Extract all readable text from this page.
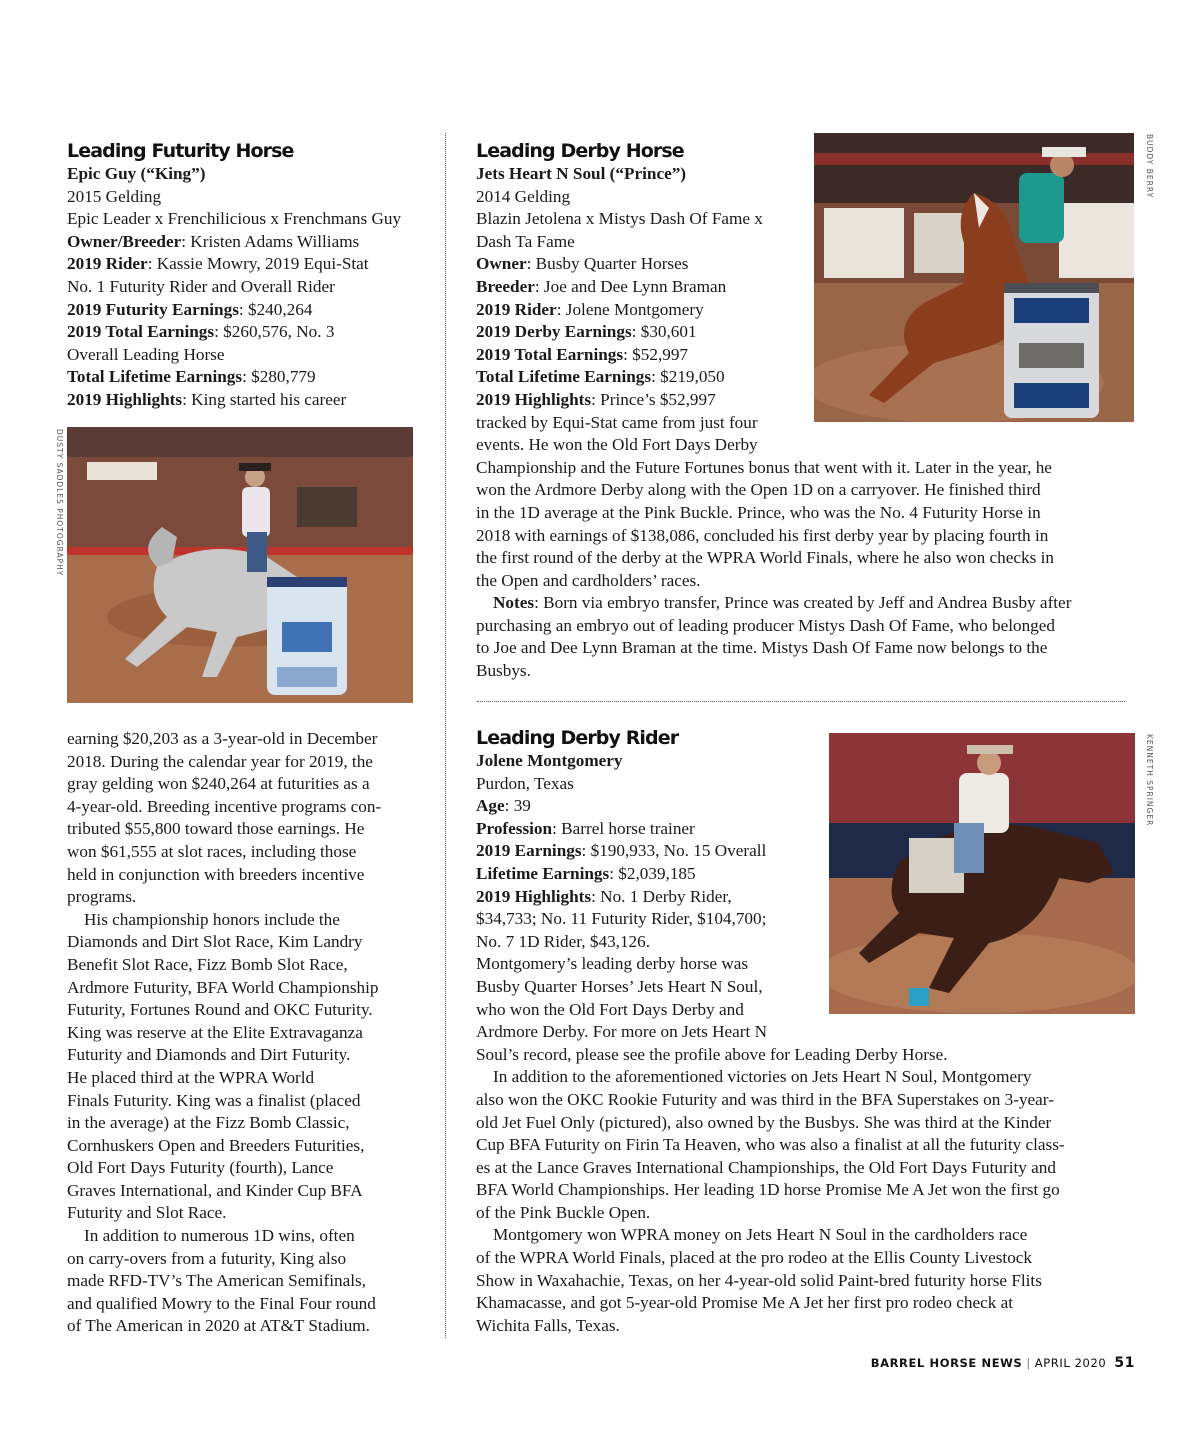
Leading Futurity Horse
Epic Guy (“King”)
2015 Gelding
Epic Leader x Frenchilicious x Frenchmans Guy
Owner/Breeder: Kristen Adams Williams
2019 Rider: Kassie Mowry, 2019 Equi-Stat
No. 1 Futurity Rider and Overall Rider
2019 Futurity Earnings: $240,264
2019 Total Earnings: $260,576, No. 3
Overall Leading Horse
Total Lifetime Earnings: $280,779
2019 Highlights: King started his career
DUSTY SADDLES PHOTOGRAPHY
earning $20,203 as a 3-year-old in December
2018. During the calendar year for 2019, the
gray gelding won $240,264 at futurities as a
4-year-old. Breeding incentive programs con-
tributed $55,800 toward those earnings. He
won $61,555 at slot races, including those
held in conjunction with breeders incentive
programs.
His championship honors include the
Diamonds and Dirt Slot Race, Kim Landry
Benefit Slot Race, Fizz Bomb Slot Race,
Ardmore Futurity, BFA World Championship
Futurity, Fortunes Round and OKC Futurity.
King was reserve at the Elite Extravaganza
Futurity and Diamonds and Dirt Futurity.
He placed third at the WPRA World
Finals Futurity. King was a finalist (placed
in the average) at the Fizz Bomb Classic,
Cornhuskers Open and Breeders Futurities,
Old Fort Days Futurity (fourth), Lance
Graves International, and Kinder Cup BFA
Futurity and Slot Race.
In addition to numerous 1D wins, often
on carry-overs from a futurity, King also
made RFD-TV’s The American Semifinals,
and qualified Mowry to the Final Four round
of The American in 2020 at AT&T Stadium.
Leading Derby Horse
Jets Heart N Soul (“Prince”)
2014 Gelding
Blazin Jetolena x Mistys Dash Of Fame x
Dash Ta Fame
Owner: Busby Quarter Horses
Breeder: Joe and Dee Lynn Braman
2019 Rider: Jolene Montgomery
2019 Derby Earnings: $30,601
2019 Total Earnings: $52,997
Total Lifetime Earnings: $219,050
2019 Highlights: Prince’s $52,997
tracked by Equi-Stat came from just four
events. He won the Old Fort Days Derby
Championship and the Future Fortunes bonus that went with it. Later in the year, he
won the Ardmore Derby along with the Open 1D on a carryover. He finished third
in the 1D average at the Pink Buckle. Prince, who was the No. 4 Futurity Horse in
2018 with earnings of $138,086, concluded his first derby year by placing fourth in
the first round of the derby at the WPRA World Finals, where he also won checks in
the Open and cardholders’ races.
Notes: Born via embryo transfer, Prince was created by Jeff and Andrea Busby after
purchasing an embryo out of leading producer Mistys Dash Of Fame, who belonged
to Joe and Dee Lynn Braman at the time. Mistys Dash Of Fame now belongs to the
Busbys.
BUDDY BERRY
Leading Derby Rider
Jolene Montgomery
Purdon, Texas
Age: 39
Profession: Barrel horse trainer
2019 Earnings: $190,933, No. 15 Overall
Lifetime Earnings: $2,039,185
2019 Highlights: No. 1 Derby Rider,
$34,733; No. 11 Futurity Rider, $104,700;
No. 7 1D Rider, $43,126.
Montgomery’s leading derby horse was
Busby Quarter Horses’ Jets Heart N Soul,
who won the Old Fort Days Derby and
Ardmore Derby. For more on Jets Heart N
Soul’s record, please see the profile above for Leading Derby Horse.
In addition to the aforementioned victories on Jets Heart N Soul, Montgomery
also won the OKC Rookie Futurity and was third in the BFA Superstakes on 3-year-
old Jet Fuel Only (pictured), also owned by the Busbys. She was third at the Kinder
Cup BFA Futurity on Firin Ta Heaven, who was also a finalist at all the futurity class-
es at the Lance Graves International Championships, the Old Fort Days Futurity and
BFA World Championships. Her leading 1D horse Promise Me A Jet won the first go
of the Pink Buckle Open.
Montgomery won WPRA money on Jets Heart N Soul in the cardholders race
of the WPRA World Finals, placed at the pro rodeo at the Ellis County Livestock
Show in Waxahachie, Texas, on her 4-year-old solid Paint-bred futurity horse Flits
Khamacasse, and got 5-year-old Promise Me A Jet her first pro rodeo check at
Wichita Falls, Texas.
KENNETH SPRINGER
BARREL HORSE NEWS | APRIL 2020 51
